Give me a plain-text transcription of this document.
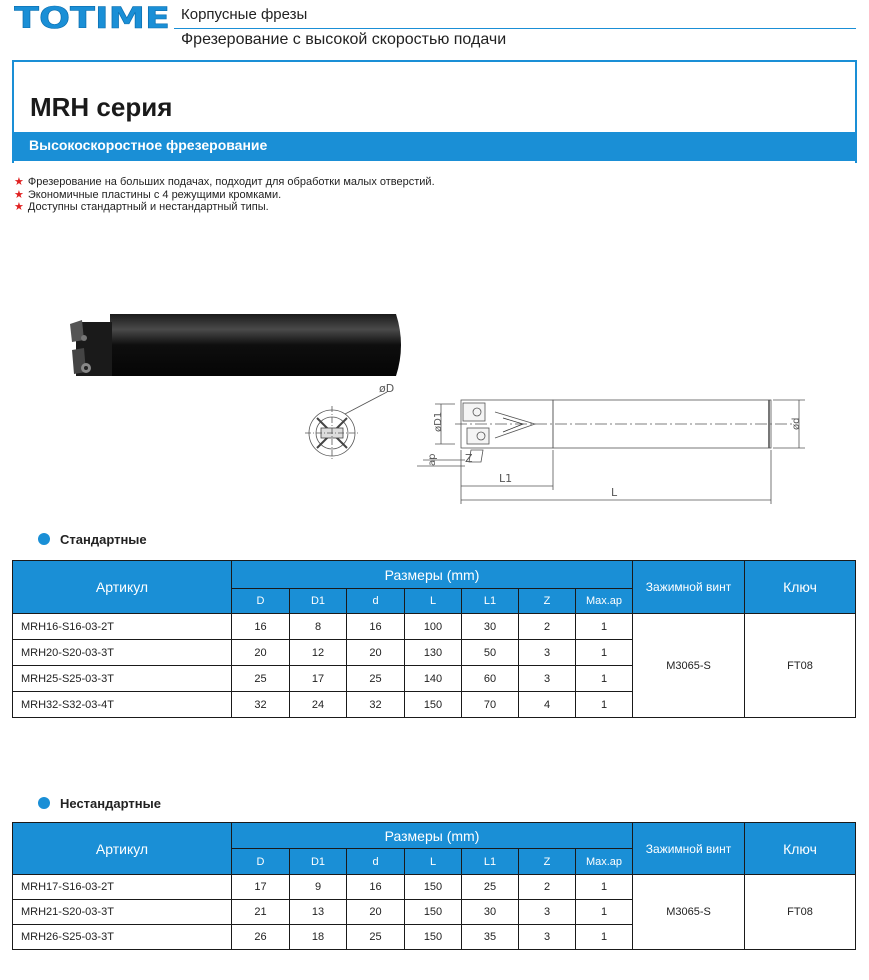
TOTIME Корпусные фрезы
Фрезерование с высокой скоростью подачи
MRH серия
Высокоскоростное фрезерование
★ Фрезерование на больших подачах, подходит для обработки малых отверстий.
★ Экономичные пластины с 4 режущими кромками.
★ Доступны стандартный и нестандартный типы.
øD
øD1
ap Z
L1
L
ød
Стандартные
Артикул	Размеры (mm)							Зажимной винт	Ключ
	D	D1	d	L	L1	Z	Max.ap		
MRH16-S16-03-2T	16	8	16	100	30	2	1	M3065-S	FT08
MRH20-S20-03-3T	20	12	20	130	50	3	1		
MRH25-S25-03-3T	25	17	25	140	60	3	1		
MRH32-S32-03-4T	32	24	32	150	70	4	1		
Нестандартные
Артикул	Размеры (mm)							Зажимной винт	Ключ
	D	D1	d	L	L1	Z	Max.ap		
MRH17-S16-03-2T	17	9	16	150	25	2	1	M3065-S	FT08
MRH21-S20-03-3T	21	13	20	150	30	3	1		
MRH26-S25-03-3T	26	18	25	150	35	3	1		
